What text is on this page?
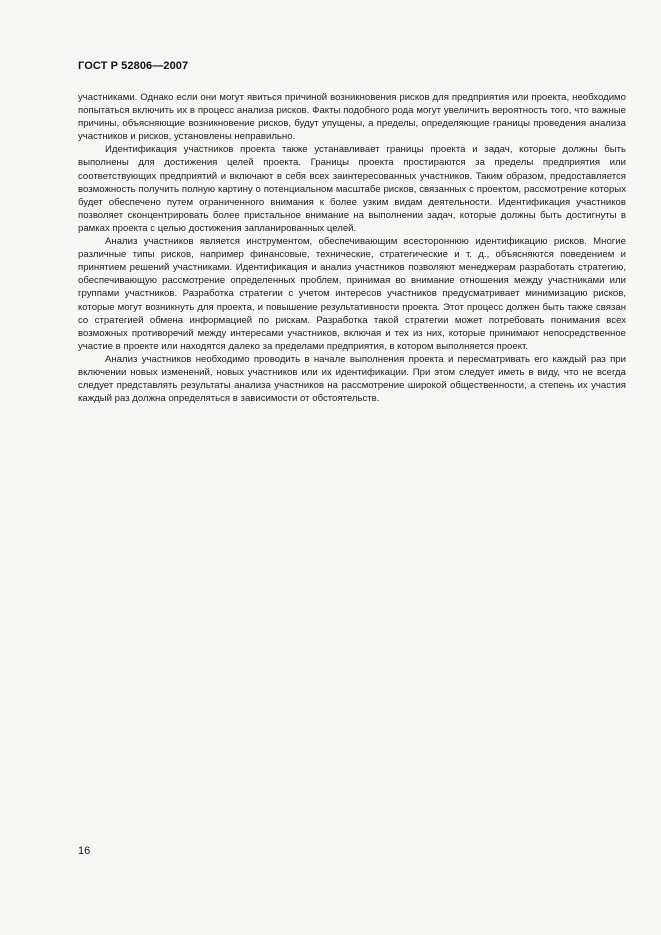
ГОСТ Р 52806—2007

участниками. Однако если они могут явиться причиной возникновения рисков для предприятия или проекта, необходимо попытаться включить их в процесс анализа рисков. Факты подобного рода могут увеличить вероятность того, что важные причины, объясняющие возникновение рисков, будут упущены, а пределы, определяющие границы проведения анализа участников и рисков, установлены неправильно.

Идентификация участников проекта также устанавливает границы проекта и задач, которые должны быть выполнены для достижения целей проекта. Границы проекта простираются за пределы предприятия или соответствующих предприятий и включают в себя всех заинтересованных участников. Таким образом, предоставляется возможность получить полную картину о потенциальном масштабе рисков, связанных с проектом, рассмотрение которых будет обеспечено путем ограниченного внимания к более узким видам деятельности. Идентификация участников позволяет сконцентрировать более пристальное внимание на выполнении задач, которые должны быть достигнуты в рамках проекта с целью достижения запланированных целей.

Анализ участников является инструментом, обеспечивающим всестороннюю идентификацию рисков. Многие различные типы рисков, например финансовые, технические, стратегические и т. д., объясняются поведением и принятием решений участниками. Идентификация и анализ участников позволяют менеджерам разработать стратегию, обеспечивающую рассмотрение определенных проблем, принимая во внимание отношения между участниками или группами участников. Разработка стратегии с учетом интересов участников предусматривает минимизацию рисков, которые могут возникнуть для проекта, и повышение результативности проекта. Этот процесс должен быть также связан со стратегией обмена информацией по рискам. Разработка такой стратегии может потребовать понимания всех возможных противоречий между интересами участников, включая и тех из них, которые принимают непосредственное участие в проекте или находятся далеко за пределами предприятия, в котором выполняется проект.

Анализ участников необходимо проводить в начале выполнения проекта и пересматривать его каждый раз при включении новых изменений, новых участников или их идентификации. При этом следует иметь в виду, что не всегда следует представлять результаты анализа участников на рассмотрение широкой общественности, а степень их участия каждый раз должна определяться в зависимости от обстоятельств.

16
